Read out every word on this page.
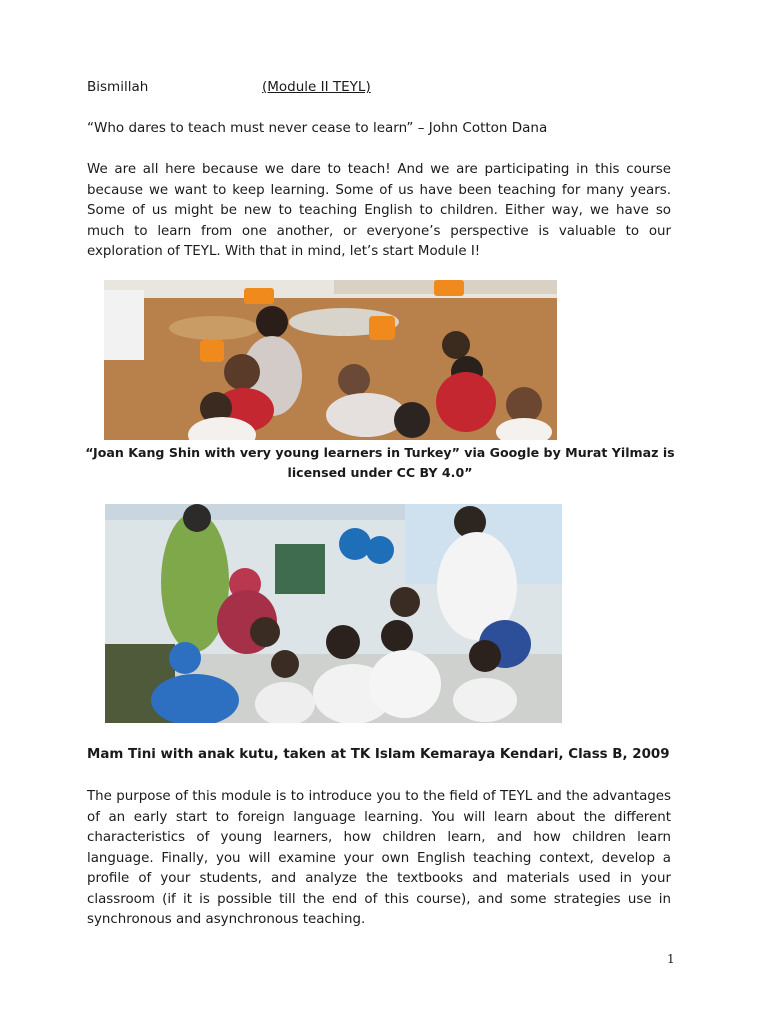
Bismillah	(Module II TEYL)

“Who dares to teach must never cease to learn” – John Cotton Dana

We are all here because we dare to teach! And we are participating in this course because we want to keep learning. Some of us have been teaching for many years. Some of us might be new to teaching English to children. Either way, we have so much to learn from one another, or everyone’s perspective is valuable to our exploration of TEYL. With that in mind, let’s start Module I!

“Joan Kang Shin with very young learners in Turkey” via Google by Murat Yilmaz is
licensed under CC BY 4.0”

Mam Tini with anak kutu, taken at TK Islam Kemaraya Kendari, Class B, 2009

The purpose of this module is to introduce you to the field of TEYL and the advantages of an early start to foreign language learning. You will learn about the different characteristics of young learners, how children learn, and how children learn language. Finally, you will examine your own English teaching context, develop a profile of your students, and analyze the textbooks and materials used in your classroom (if it is possible till the end of this course), and some strategies use in synchronous and asynchronous teaching.

1
